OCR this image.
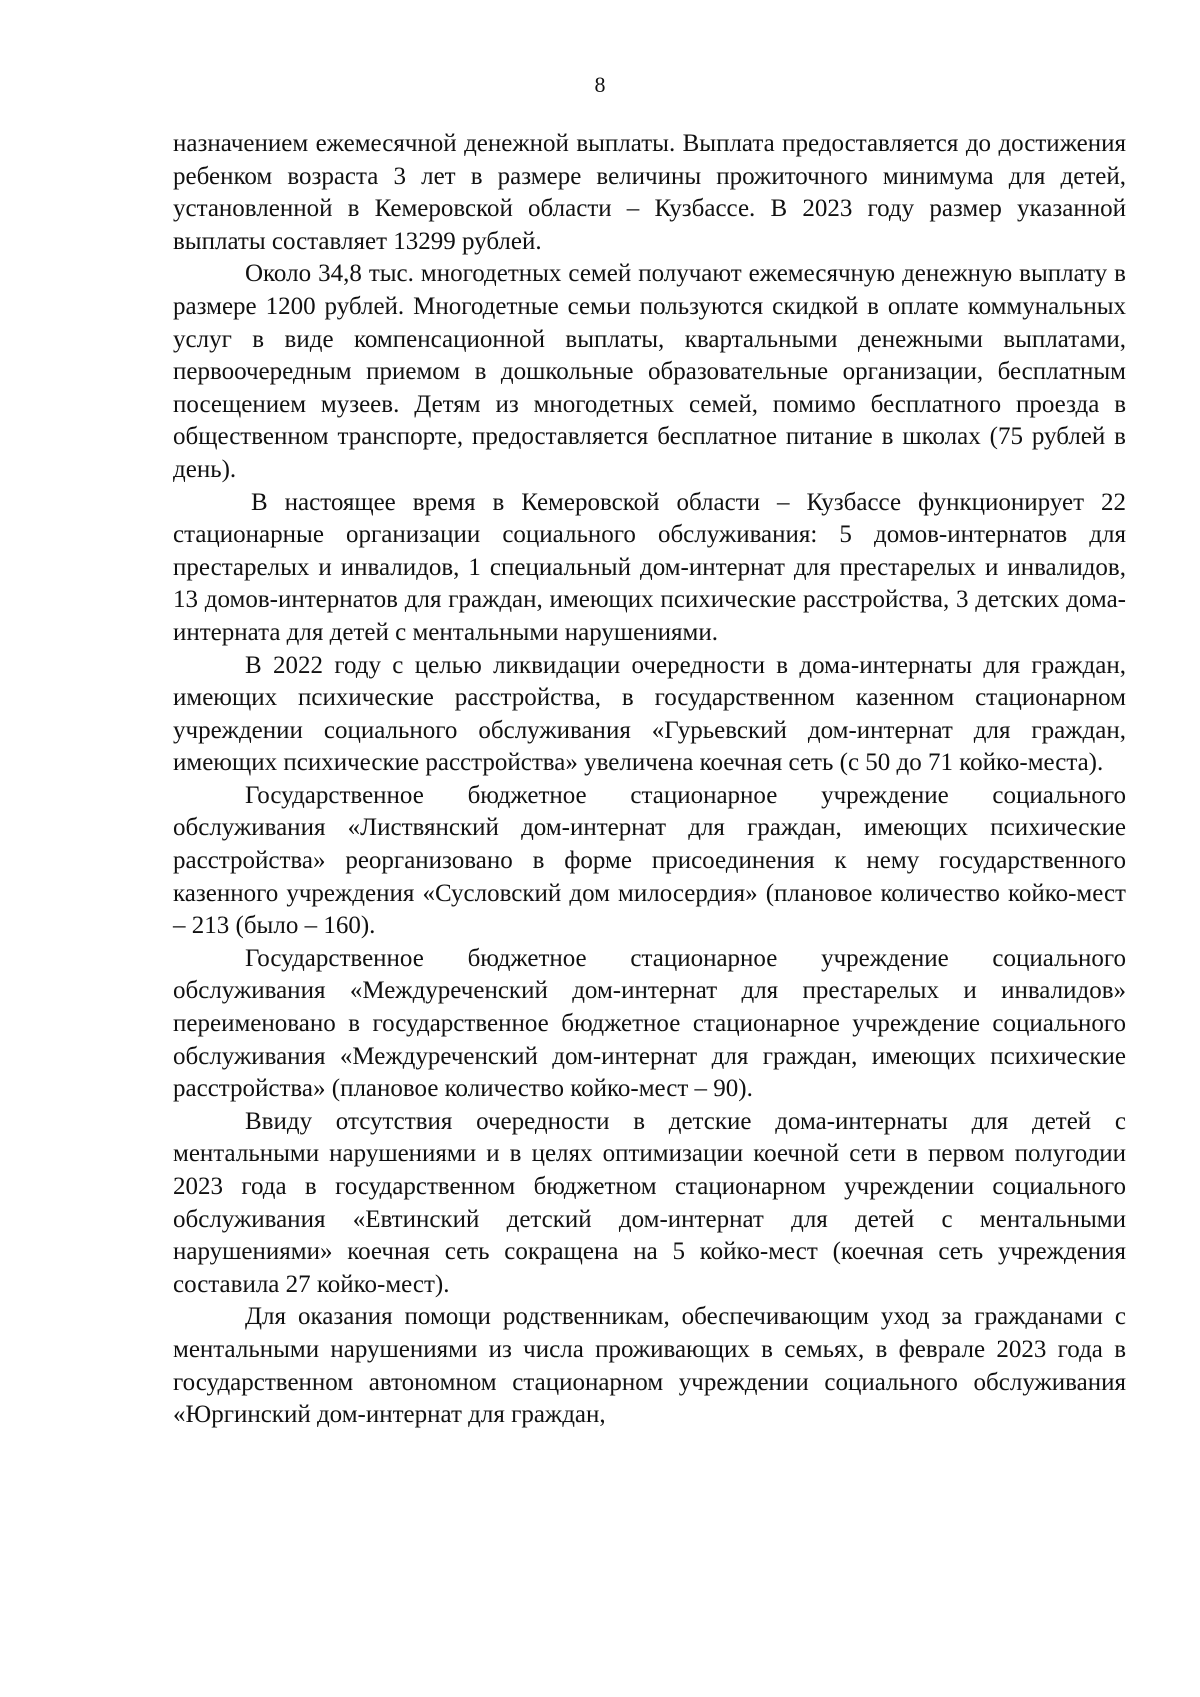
8

назначением ежемесячной денежной выплаты. Выплата предоставляется до достижения ребенком возраста 3 лет в размере величины прожиточного минимума для детей, установленной в Кемеровской области – Кузбассе. В 2023 году размер указанной выплаты составляет 13299 рублей.

Около 34,8 тыс. многодетных семей получают ежемесячную денежную выплату в размере 1200 рублей. Многодетные семьи пользуются скидкой в оплате коммунальных услуг в виде компенсационной выплаты, квартальными денежными выплатами, первоочередным приемом в дошкольные образовательные организации, бесплатным посещением музеев. Детям из многодетных семей, помимо бесплатного проезда в общественном транспорте, предоставляется бесплатное питание в школах (75 рублей в день).

В настоящее время в Кемеровской области – Кузбассе функционирует 22 стационарные организации социального обслуживания: 5 домов-интернатов для престарелых и инвалидов, 1 специальный дом-интернат для престарелых и инвалидов, 13 домов-интернатов для граждан, имеющих психические расстройства, 3 детских дома-интерната для детей с ментальными нарушениями.

В 2022 году с целью ликвидации очередности в дома-интернаты для граждан, имеющих психические расстройства, в государственном казенном стационарном учреждении социального обслуживания «Гурьевский дом-интернат для граждан, имеющих психические расстройства» увеличена коечная сеть (с 50 до 71 койко-места).

Государственное бюджетное стационарное учреждение социального обслуживания «Листвянский дом-интернат для граждан, имеющих психические расстройства» реорганизовано в форме присоединения к нему государственного казенного учреждения «Сусловский дом милосердия» (плановое количество койко-мест – 213 (было – 160).

Государственное бюджетное стационарное учреждение социального обслуживания «Междуреченский дом-интернат для престарелых и инвалидов» переименовано в государственное бюджетное стационарное учреждение социального обслуживания «Междуреченский дом-интернат для граждан, имеющих психические расстройства» (плановое количество койко-мест – 90).

Ввиду отсутствия очередности в детские дома-интернаты для детей с ментальными нарушениями и в целях оптимизации коечной сети в первом полугодии 2023 года в государственном бюджетном стационарном учреждении социального обслуживания «Евтинский детский дом-интернат для детей с ментальными нарушениями» коечная сеть сокращена на 5 койко-мест (коечная сеть учреждения составила 27 койко-мест).

Для оказания помощи родственникам, обеспечивающим уход за гражданами с ментальными нарушениями из числа проживающих в семьях, в феврале 2023 года в государственном автономном стационарном учреждении социального обслуживания «Юргинский дом-интернат для граждан,
